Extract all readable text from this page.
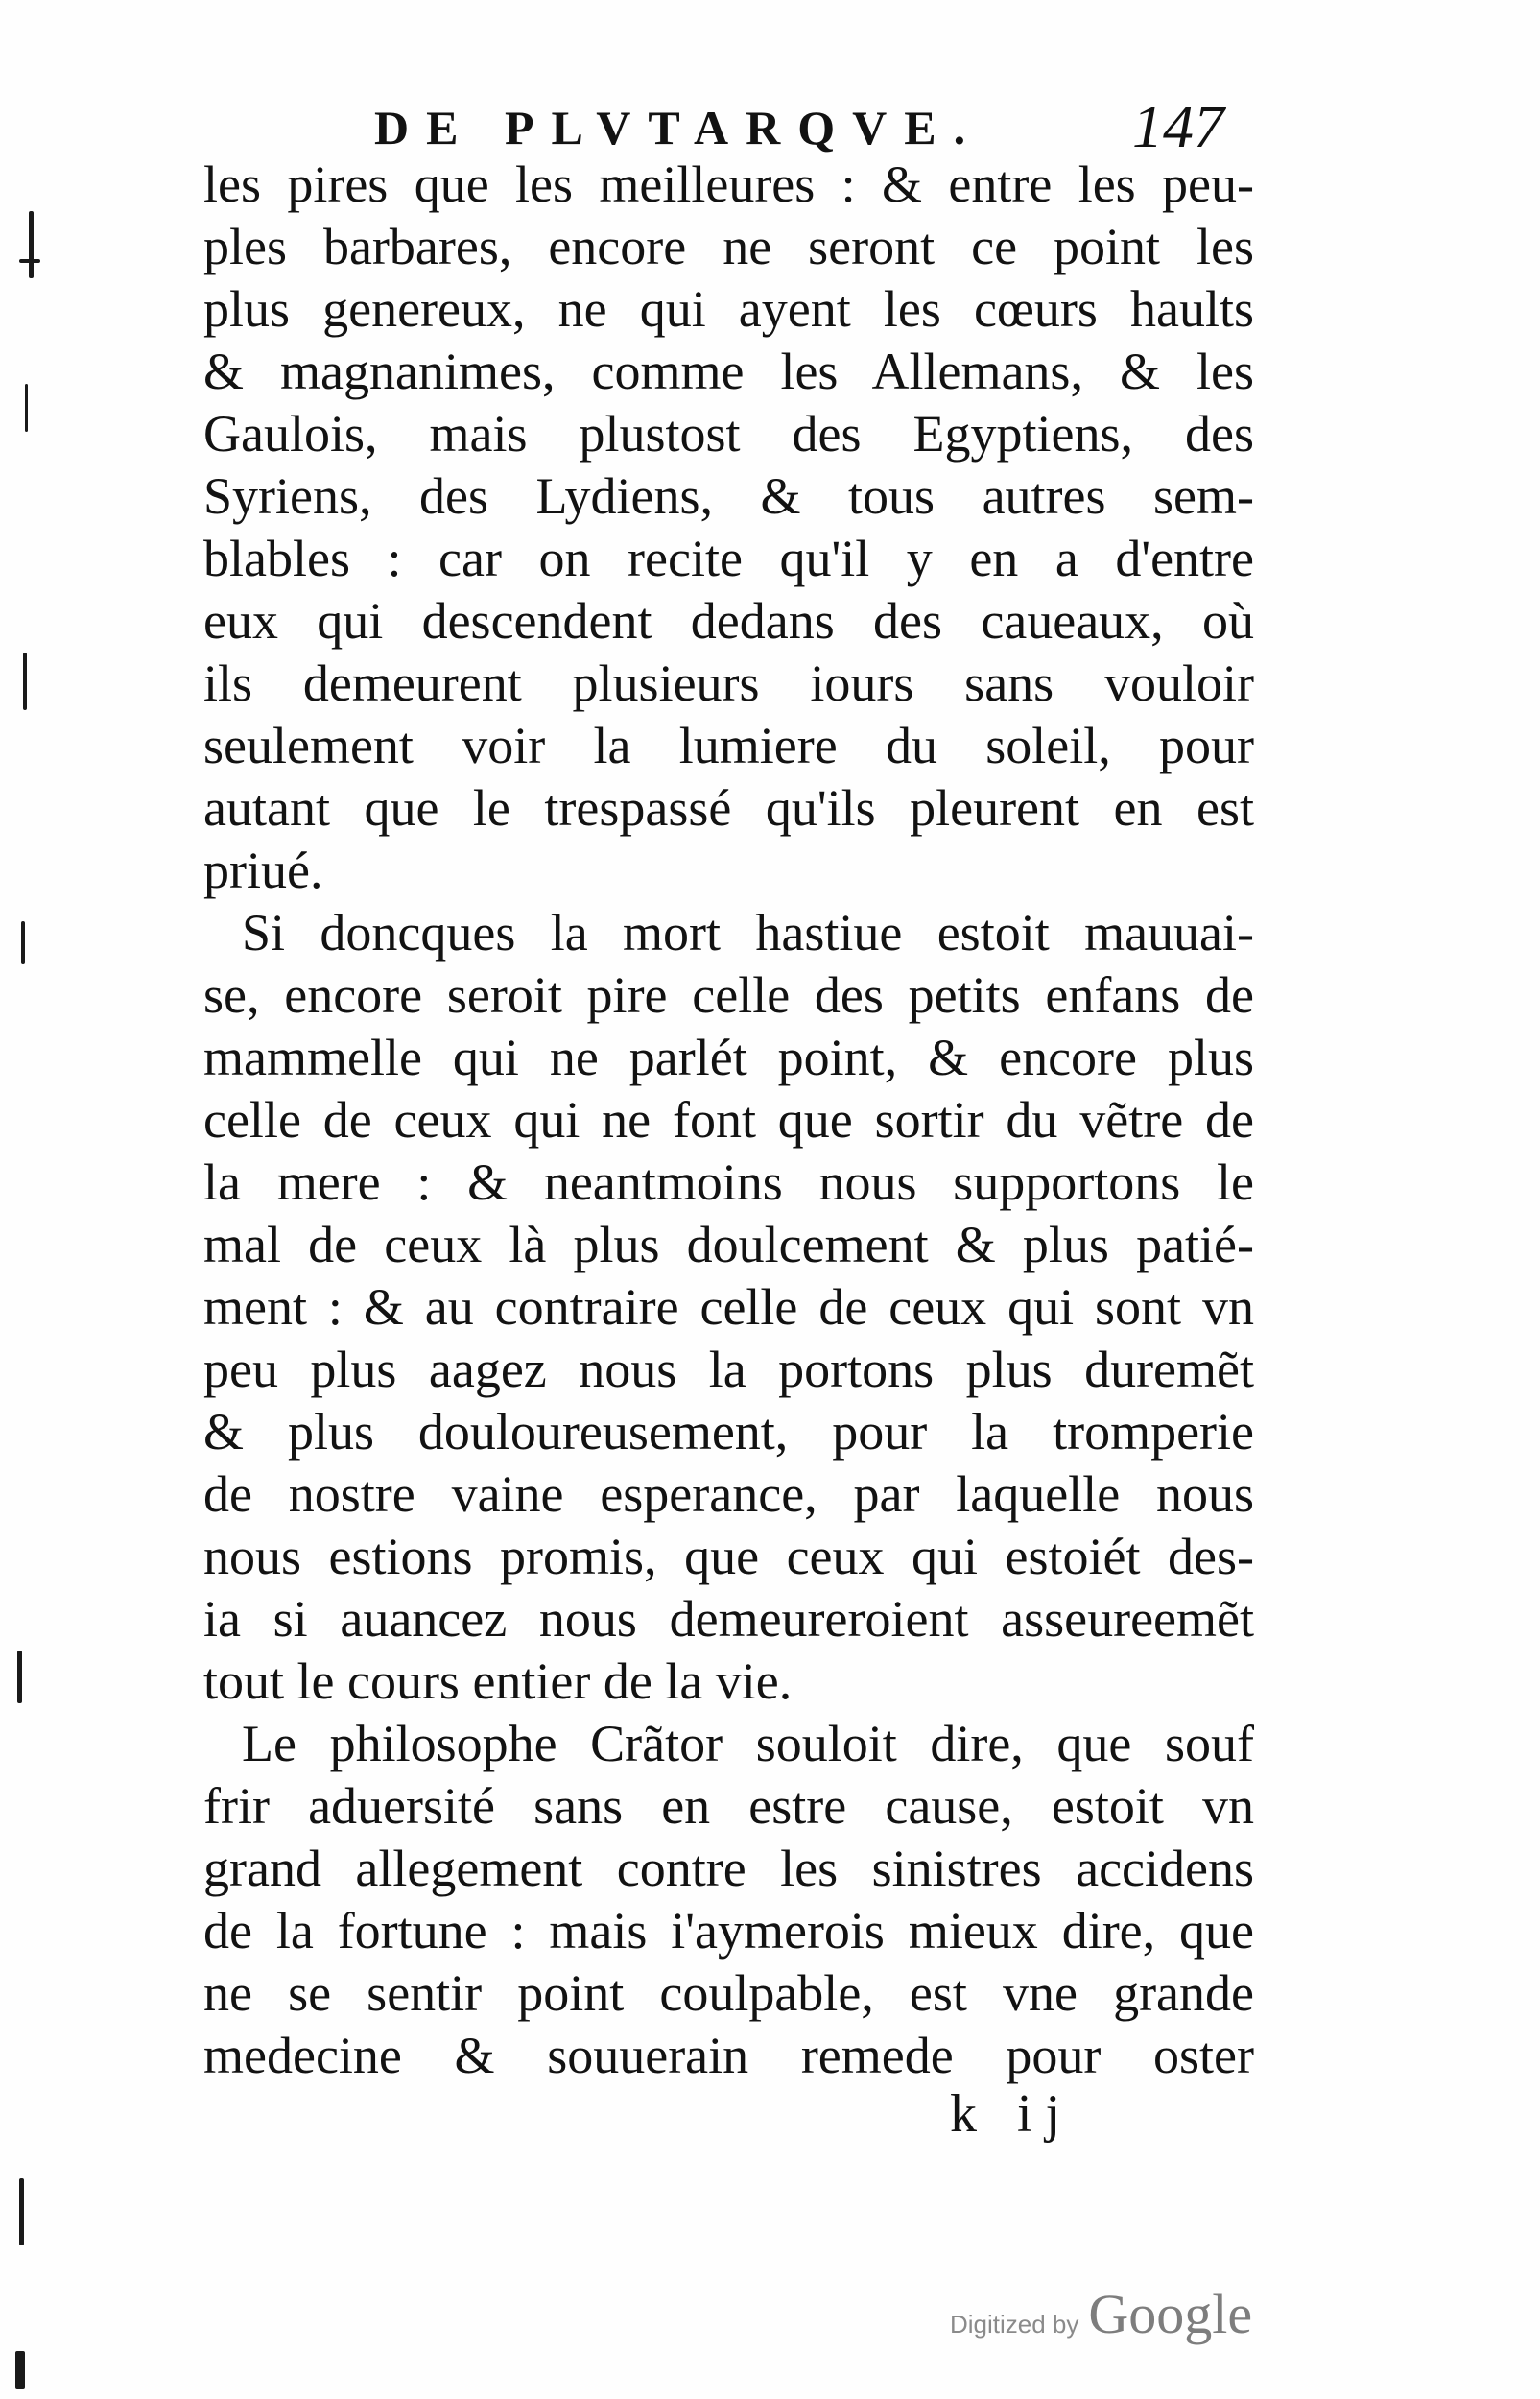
DE PLVTARQVE. 147
les pires que les meilleures : & entre les peu-
ples barbares, encore ne seront ce point les
plus genereux, ne qui ayent les cœurs haults
& magnanimes, comme les Allemans, & les
Gaulois, mais plustost des Egyptiens, des
Syriens, des Lydiens, & tous autres sem-
blables : car on recite qu'il y en a d'entre
eux qui descendent dedans des caueaux, où
ils demeurent plusieurs iours sans vouloir
seulement voir la lumiere du soleil, pour
autant que le trespassé qu'ils pleurent en est
priué.
Si doncques la mort hastiue estoit mauuai-
se, encore seroit pire celle des petits enfans de
mammelle qui ne parlét point, & encore plus
celle de ceux qui ne font que sortir du vẽtre de
la mere : & neantmoins nous supportons le
mal de ceux là plus doulcement & plus patié-
ment : & au contraire celle de ceux qui sont vn
peu plus aagez nous la portons plus duremẽt
& plus douloureusement, pour la tromperie
de nostre vaine esperance, par laquelle nous
nous estions promis, que ceux qui estoiét des-
ia si auancez nous demeureroient asseureemẽt
tout le cours entier de la vie.
Le philosophe Crãtor souloit dire, que souf
frir aduersité sans en estre cause, estoit vn
grand allegement contre les sinistres accidens
de la fortune : mais i'aymerois mieux dire, que
ne se sentir point coulpable, est vne grande
medecine & souuerain remede pour oster
k ij
Digitized by Google
